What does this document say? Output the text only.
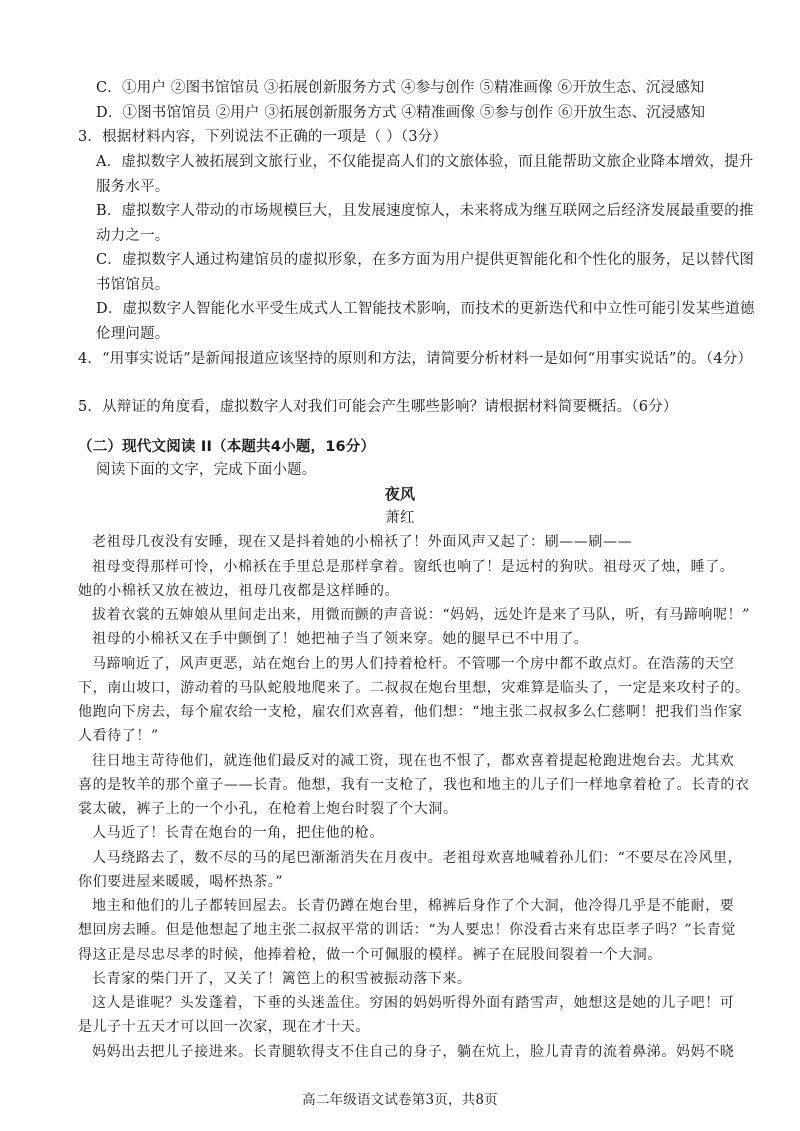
C．①用户 ②图书馆馆员 ③拓展创新服务方式 ④参与创作 ⑤精准画像 ⑥开放生态、沉浸感知
D．①图书馆馆员 ②用户 ③拓展创新服务方式 ④精准画像 ⑤参与创作 ⑥开放生态、沉浸感知
3．根据材料内容，下列说法不正确的一项是（ ）（3分）
A．虚拟数字人被拓展到文旅行业，不仅能提高人们的文旅体验，而且能帮助文旅企业降本增效，提升
服务水平。
B．虚拟数字人带动的市场规模巨大，且发展速度惊人，未来将成为继互联网之后经济发展最重要的推
动力之一。
C．虚拟数字人通过构建馆员的虚拟形象，在多方面为用户提供更智能化和个性化的服务，足以替代图
书馆馆员。
D．虚拟数字人智能化水平受生成式人工智能技术影响，而技术的更新迭代和中立性可能引发某些道德
伦理问题。
4．“用事实说话”是新闻报道应该坚持的原则和方法，请简要分析材料一是如何“用事实说话”的。（4分）
5．从辩证的角度看，虚拟数字人对我们可能会产生哪些影响？请根据材料简要概括。（6分）
（二）现代文阅读 II（本题共4小题，16分）
阅读下面的文字，完成下面小题。
夜风
萧红
老祖母几夜没有安睡，现在又是抖着她的小棉袄了！外面风声又起了：刷——刷——
祖母变得那样可怜，小棉袄在手里总是那样拿着。窗纸也响了！是远村的狗吠。祖母灭了烛，睡了。
她的小棉袄又放在被边，祖母几夜都是这样睡的。
拔着衣裳的五婶娘从里间走出来，用微而颤的声音说：“妈妈，远处许是来了马队，听，有马蹄响呢！”
祖母的小棉袄又在手中颤倒了！她把袖子当了领来穿。她的腿早已不中用了。
马蹄响近了，风声更恶，站在炮台上的男人们持着枪杆。不管哪一个房中都不敢点灯。在浩荡的天空
下，南山坡口，游动着的马队蛇般地爬来了。二叔叔在炮台里想，灾难算是临头了，一定是来攻村子的。
他跑向下房去，每个雇农给一支枪，雇农们欢喜着，他们想：“地主张二叔叔多么仁慈啊！把我们当作家
人看待了！”
往日地主苛待他们，就连他们最反对的减工资，现在也不恨了，都欢喜着提起枪跑进炮台去。尤其欢
喜的是牧羊的那个童子——长青。他想，我有一支枪了，我也和地主的儿子们一样地拿着枪了。长青的衣
裳太破，裤子上的一个小孔，在枪着上炮台时裂了个大洞。
人马近了！长青在炮台的一角，把住他的枪。
人马绕路去了，数不尽的马的尾巴渐渐消失在月夜中。老祖母欢喜地喊着孙儿们：“不要尽在冷风里，
你们要进屋来暖暖，喝杯热茶。”
地主和他们的儿子都转回屋去。长青仍蹲在炮台里，棉裤后身作了个大洞，他冷得几乎是不能耐，要
想回房去睡。但是他想起了地主张二叔叔平常的训话：“为人要忠！你没看古来有忠臣孝子吗？”长青觉
得这正是尽忠尽孝的时候，他捧着枪，做一个可佩服的模样。裤子在屁股间裂着一个大洞。
长青家的柴门开了，又关了！篱笆上的积雪被振动落下来。
这人是谁呢？头发蓬着，下垂的头迷盖住。穷困的妈妈听得外面有踏雪声，她想这是她的儿子吧！可
是儿子十五天才可以回一次家，现在才十天。
妈妈出去把儿子接进来。长青腿软得支不住自己的身子，躺在炕上，脸儿青青的流着鼻涕。妈妈不晓
高二年级语文试卷第3页，共8页
